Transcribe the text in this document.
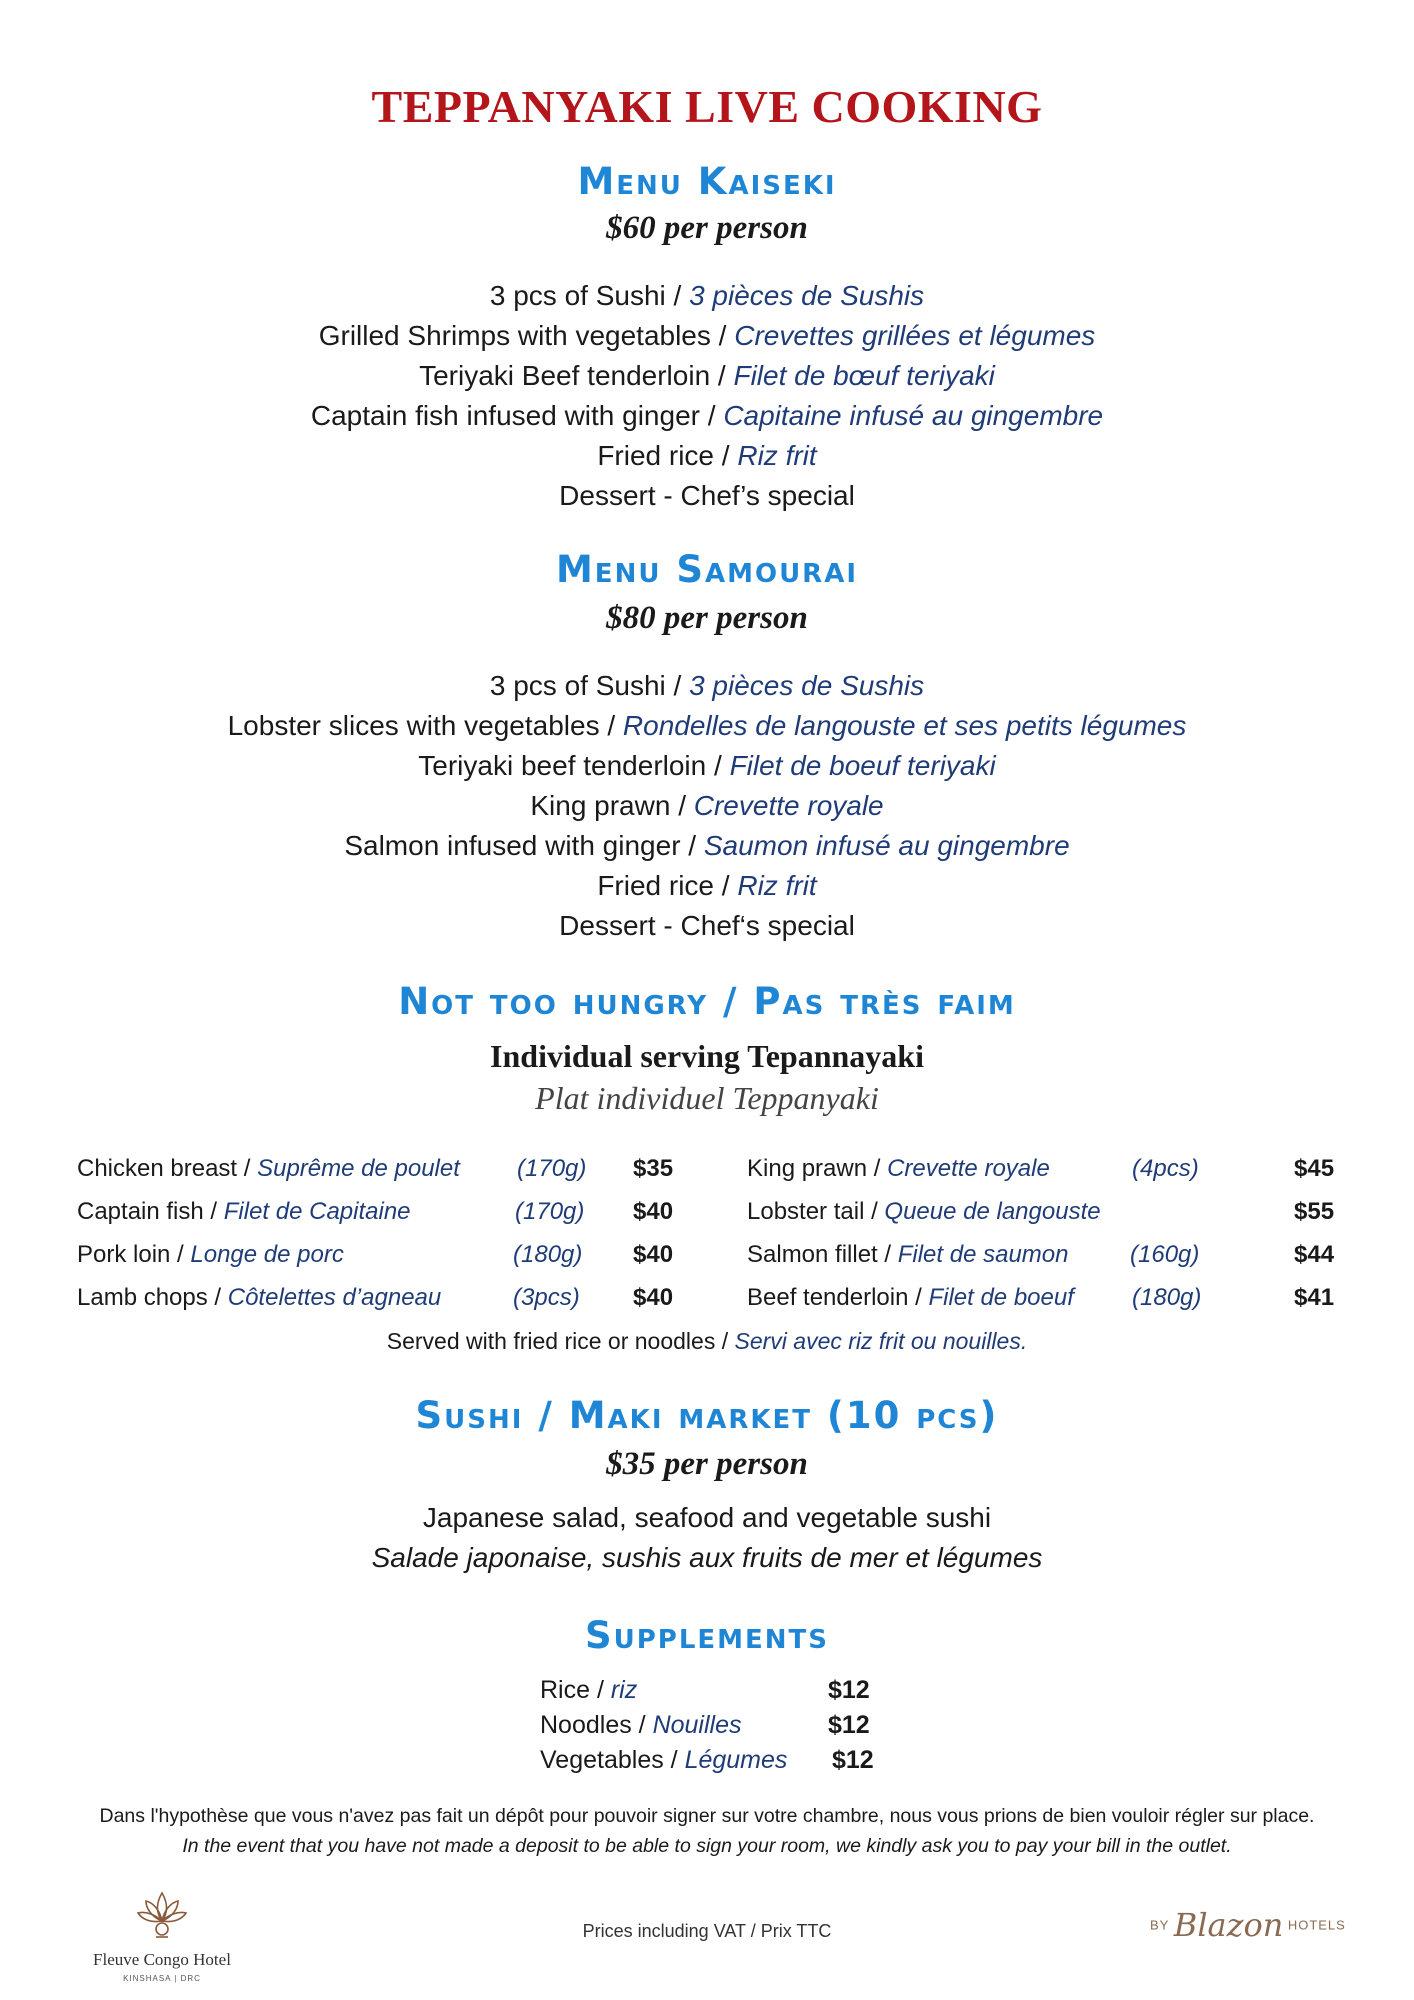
TEPPANYAKI LIVE COOKING
Menu Kaiseki
$60 per person
3 pcs of Sushi / 3 pièces de Sushis
Grilled Shrimps with vegetables / Crevettes grillées et légumes
Teriyaki Beef tenderloin / Filet de bœuf teriyaki
Captain fish infused with ginger / Capitaine infusé au gingembre
Fried rice / Riz frit
Dessert - Chef’s special
Menu Samourai
$80 per person
3 pcs of Sushi / 3 pièces de Sushis
Lobster slices with vegetables / Rondelles de langouste et ses petits légumes
Teriyaki beef tenderloin / Filet de boeuf teriyaki
King prawn / Crevette royale
Salmon infused with ginger / Saumon infusé au gingembre
Fried rice / Riz frit
Dessert - Chef‘s special
Not too hungry / Pas très faim
Individual serving Tepannayaki
Plat individuel Teppanyaki
Chicken breast / Suprême de poulet (170g) $35
Captain fish / Filet de Capitaine	(170g) $40
Pork loin / Longe de porc	(180g) $40
Lamb chops / Côtelettes d’agneau	(3pcs) $40
King prawn / Crevette royale	(4pcs)	$45
Lobster tail / Queue de langouste	$55
Salmon fillet / Filet de saumon	(160g)	$44
Beef tenderloin / Filet de boeuf (180g)	$41
Served with fried rice or noodles / Servi avec riz frit ou nouilles.
Sushi / Maki market (10 pcs)
$35 per person
Japanese salad, seafood and vegetable sushi
Salade japonaise, sushis aux fruits de mer et légumes
Supplements
Rice / riz	$12
Noodles / Nouilles	$12
Vegetables / Légumes $12
Dans l'hypothèse que vous n'avez pas fait un dépôt pour pouvoir signer sur votre chambre, nous vous prions de bien vouloir régler sur place.
In the event that you have not made a deposit to be able to sign your room, we kindly ask you to pay your bill in the outlet.
Fleuve Congo Hotel
KINSHASA | DRC
Prices including VAT / Prix TTC	BY Blazon HOTELS
